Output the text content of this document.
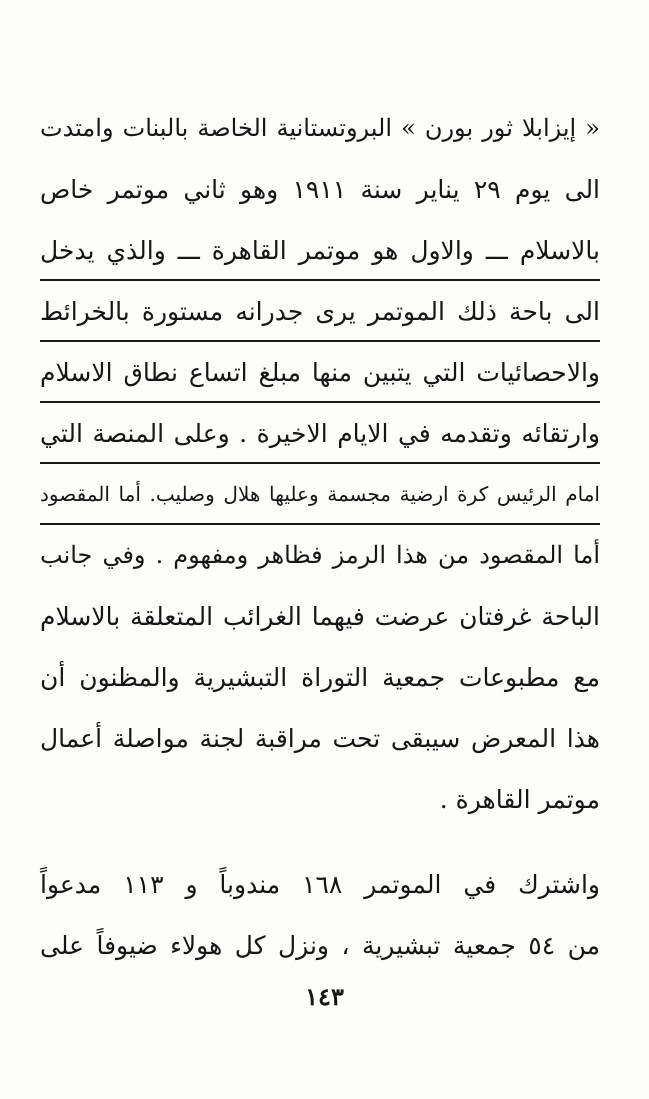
« إيزابلا ثور بورن » البروتستانية الخاصة بالبنات وامتدت
الى يوم ٢٩ يناير سنة ١٩١١ وهو ثاني موتمر خاص
بالاسلام ـــ والاول هو موتمر القاهرة ـــ والذي يدخل
الى باحة ذلك الموتمر يرى جدرانه مستورة بالخرائط
والاحصائيات التي يتبين منها مبلغ اتساع نطاق الاسلام
وارتقائه وتقدمه في الايام الاخيرة . وعلى المنصة التي
امام الرئيس كرة ارضية مجسمة وعليها هلال وصليب. أما المقصود
أما المقصود من هذا الرمز فظاهر ومفهوم . وفي جانب
الباحة غرفتان عرضت فيهما الغرائب المتعلقة بالاسلام
مع مطبوعات جمعية التوراة التبشيرية والمظنون أن
هذا المعرض سيبقى تحت مراقبة لجنة مواصلة أعمال
موتمر القاهرة .
واشترك في الموتمر ١٦٨ مندوباً و ١١٣ مدعواً
من ٥٤ جمعية تبشيرية ، ونزل كل هولاء ضيوفاً على
١٤٣
